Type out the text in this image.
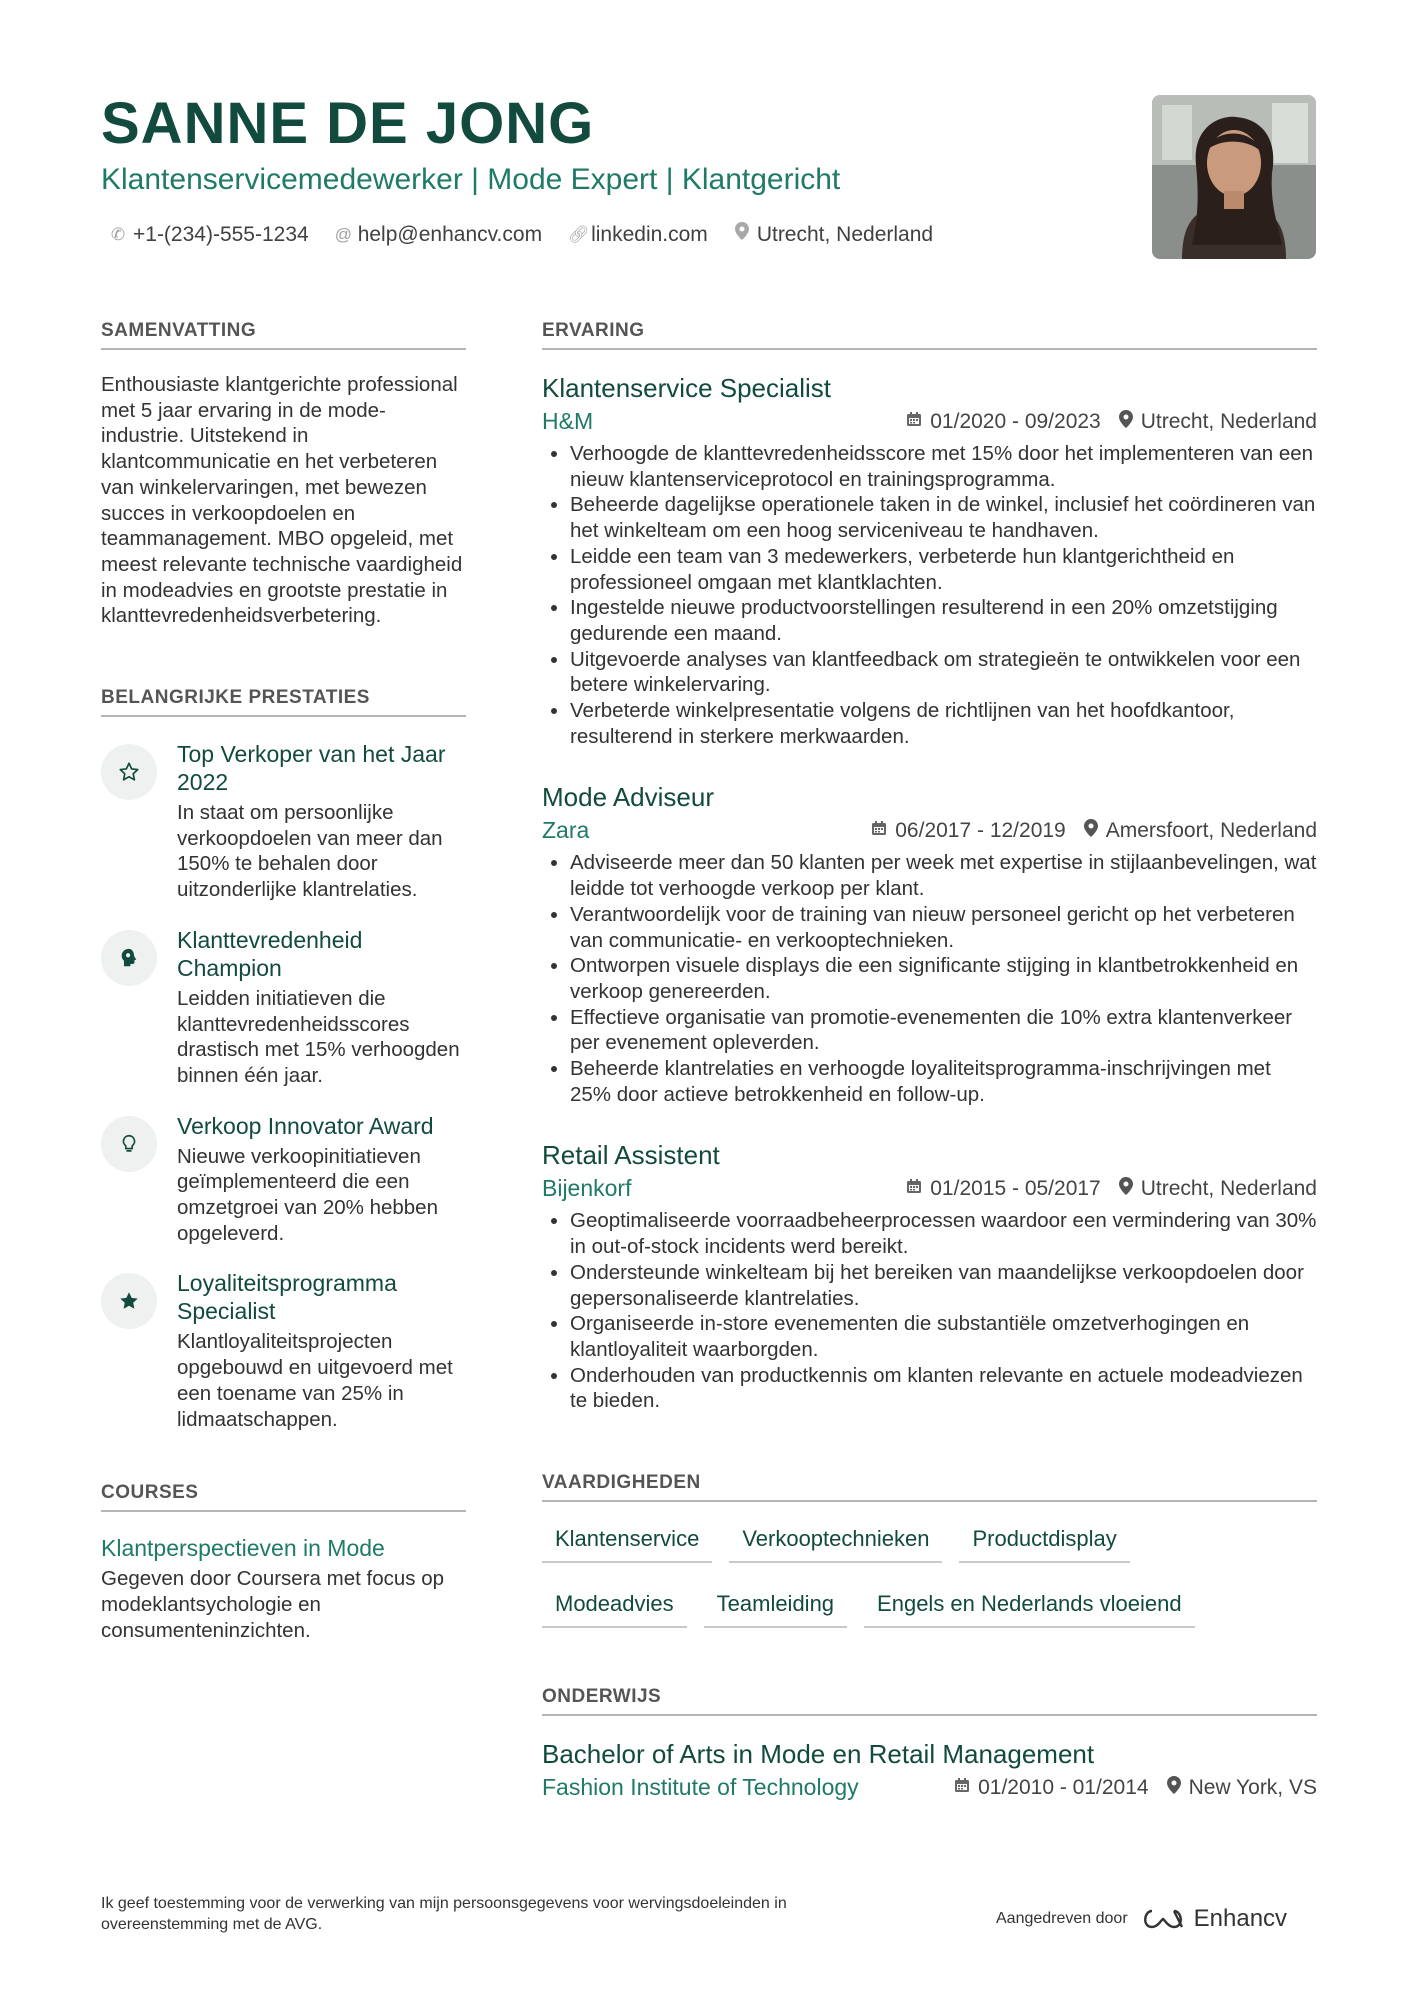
SANNE DE JONG
Klantenservicemedewerker | Mode Expert | Klantgericht
✆ +1-(234)-555-1234 @ help@enhancv.com 🔗︎ linkedin.com Utrecht, Nederland
SAMENVATTING
Enthousiaste klantgerichte professional met 5 jaar ervaring in de mode-industrie. Uitstekend in klantcommunicatie en het verbeteren van winkelervaringen, met bewezen succes in verkoopdoelen en teammanagement. MBO opgeleid, met meest relevante technische vaardigheid in modeadvies en grootste prestatie in klanttevredenheidsverbetering.
BELANGRIJKE PRESTATIES
Top Verkoper van het Jaar 2022
In staat om persoonlijke verkoopdoelen van meer dan 150% te behalen door uitzonderlijke klantrelaties.
Klanttevredenheid Champion
Leidden initiatieven die klanttevredenheidsscores drastisch met 15% verhoogden binnen één jaar.
Verkoop Innovator Award
Nieuwe verkoopinitiatieven geïmplementeerd die een omzetgroei van 20% hebben opgeleverd.
Loyaliteitsprogramma Specialist
Klantloyaliteitsprojecten opgebouwd en uitgevoerd met een toename van 25% in lidmaatschappen.
COURSES
Klantperspectieven in Mode
Gegeven door Coursera met focus op modeklantsychologie en consumenteninzichten.
ERVARING
Klantenservice Specialist
H&M	01/2020 - 09/2023 Utrecht, Nederland
• Verhoogde de klanttevredenheidsscore met 15% door het implementeren van een nieuw klantenserviceprotocol en trainingsprogramma.
• Beheerde dagelijkse operationele taken in de winkel, inclusief het coördineren van het winkelteam om een hoog serviceniveau te handhaven.
• Leidde een team van 3 medewerkers, verbeterde hun klantgerichtheid en professioneel omgaan met klantklachten.
• Ingestelde nieuwe productvoorstellingen resulterend in een 20% omzetstijging gedurende een maand.
• Uitgevoerde analyses van klantfeedback om strategieën te ontwikkelen voor een betere winkelervaring.
• Verbeterde winkelpresentatie volgens de richtlijnen van het hoofdkantoor, resulterend in sterkere merkwaarden.
Mode Adviseur
Zara	06/2017 - 12/2019 Amersfoort, Nederland
• Adviseerde meer dan 50 klanten per week met expertise in stijlaanbevelingen, wat leidde tot verhoogde verkoop per klant.
• Verantwoordelijk voor de training van nieuw personeel gericht op het verbeteren van communicatie- en verkooptechnieken.
• Ontworpen visuele displays die een significante stijging in klantbetrokkenheid en verkoop genereerden.
• Effectieve organisatie van promotie-evenementen die 10% extra klantenverkeer per evenement opleverden.
• Beheerde klantrelaties en verhoogde loyaliteitsprogramma-inschrijvingen met 25% door actieve betrokkenheid en follow-up.
Retail Assistent
Bijenkorf	01/2015 - 05/2017 Utrecht, Nederland
• Geoptimaliseerde voorraadbeheerprocessen waardoor een vermindering van 30% in out-of-stock incidents werd bereikt.
• Ondersteunde winkelteam bij het bereiken van maandelijkse verkoopdoelen door gepersonaliseerde klantrelaties.
• Organiseerde in-store evenementen die substantiële omzetverhogingen en klantloyaliteit waarborgden.
• Onderhouden van productkennis om klanten relevante en actuele modeadviezen te bieden.
VAARDIGHEDEN
Klantenservice	Verkooptechnieken	Productdisplay
Modeadvies	Teamleiding	Engels en Nederlands vloeiend
ONDERWIJS
Bachelor of Arts in Mode en Retail Management
Fashion Institute of Technology	01/2010 - 01/2014 New York, VS
Ik geef toestemming voor de verwerking van mijn persoonsgegevens voor wervingsdoeleinden in overeenstemming met de AVG.	Aangedreven door	Enhancv
